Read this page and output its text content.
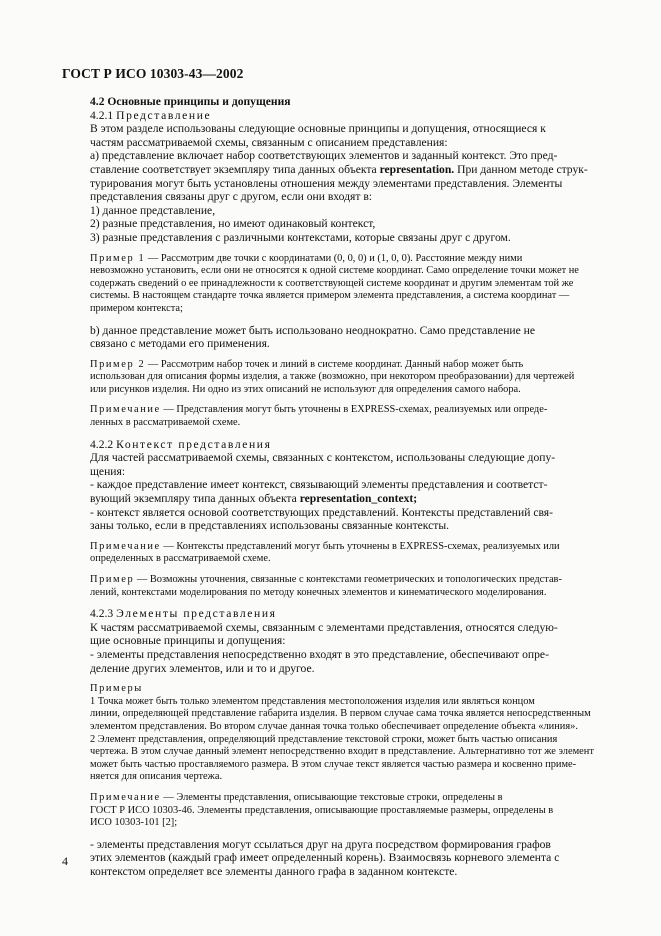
ГОСТ Р ИСО 10303-43—2002

4.2 Основные принципы и допущения

4.2.1 Представление

В этом разделе использованы следующие основные принципы и допущения, относящиеся к

частям рассматриваемой схемы, связанным с описанием представления:

а) представление включает набор соответствующих элементов и заданный контекст. Это пред-

ставление соответствует экземпляру типа данных объекта representation. При данном методе струк-

турирования могут быть установлены отношения между элементами представления. Элементы

представления связаны друг с другом, если они входят в:

1) данное представление,

2) разные представления, но имеют одинаковый контекст,

3) разные представления с различными контекстами, которые связаны друг с другом.

Пример 1 — Рассмотрим две точки с координатами (0, 0, 0) и (1, 0, 0). Расстояние между ними

невозможно установить, если они не относятся к одной системе координат. Само определение точки может не

содержать сведений о ее принадлежности к соответствующей системе координат и другим элементам той же

системы. В настоящем стандарте точка является примером элемента представления, а система координат —

примером контекста;

b) данное представление может быть использовано неоднократно. Само представление не

связано с методами его применения.

Пример 2 — Рассмотрим набор точек и линий в системе координат. Данный набор может быть

использован для описания формы изделия, а также (возможно, при некотором преобразовании) для чертежей

или рисунков изделия. Ни одно из этих описаний не используют для определения самого набора.

Примечание — Представления могут быть уточнены в EXPRESS-схемах, реализуемых или опреде-

ленных в рассматриваемой схеме.

4.2.2 Контекст представления

Для частей рассматриваемой схемы, связанных с контекстом, использованы следующие допу-

щения:

- каждое представление имеет контекст, связывающий элементы представления и соответст-

вующий экземпляру типа данных объекта representation_context;

- контекст является основой соответствующих представлений. Контексты представлений свя-

заны только, если в представлениях использованы связанные контексты.

Примечание — Контексты представлений могут быть уточнены в EXPRESS-схемах, реализуемых или

определенных в рассматриваемой схеме.

Пример — Возможны уточнения, связанные с контекстами геометрических и топологических представ-

лений, контекстами моделирования по методу конечных элементов и кинематического моделирования.

4.2.3 Элементы представления

К частям рассматриваемой схемы, связанным с элементами представления, относятся следую-

щие основные принципы и допущения:

- элементы представления непосредственно входят в это представление, обеспечивают опре-

деление других элементов, или и то и другое.

Примеры

1 Точка может быть только элементом представления местоположения изделия или являться концом

линии, определяющей представление габарита изделия. В первом случае сама точка является непосредственным

элементом представления. Во втором случае данная точка только обеспечивает определение объекта «линия».

2 Элемент представления, определяющий представление текстовой строки, может быть частью описания

чертежа. В этом случае данный элемент непосредственно входит в представление. Альтернативно тот же элемент

может быть частью проставляемого размера. В этом случае текст является частью размера и косвенно приме-

няется для описания чертежа.

Примечание — Элементы представления, описывающие текстовые строки, определены в

ГОСТ Р ИСО 10303-46. Элементы представления, описывающие проставляемые размеры, определены в

ИСО 10303-101 [2];

- элементы представления могут ссылаться друг на друга посредством формирования графов

этих элементов (каждый граф имеет определенный корень). Взаимосвязь корневого элемента с

контекстом определяет все элементы данного графа в заданном контексте.

4
